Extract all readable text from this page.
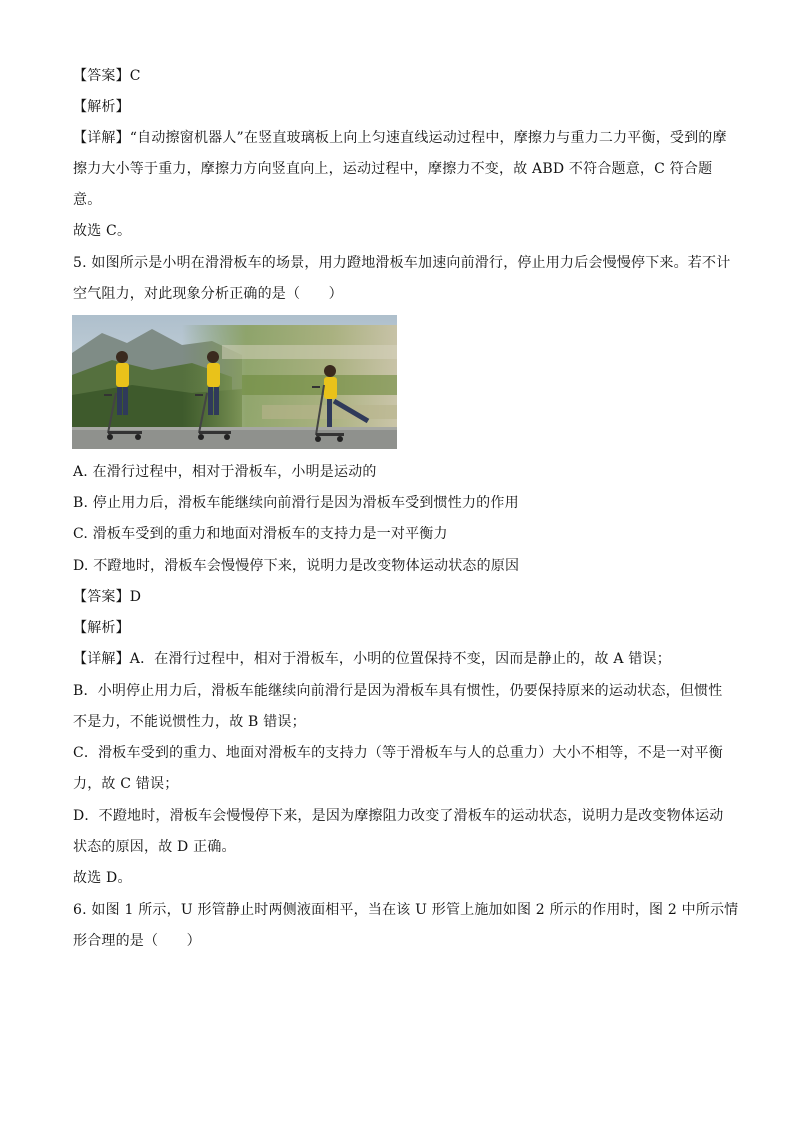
【答案】C
【解析】
【详解】“自动擦窗机器人”在竖直玻璃板上向上匀速直线运动过程中，摩擦力与重力二力平衡，受到的摩
擦力大小等于重力，摩擦力方向竖直向上，运动过程中，摩擦力不变，故 ABD 不符合题意，C 符合题
意。
故选 C。
5. 如图所示是小明在滑滑板车的场景，用力蹬地滑板车加速向前滑行，停止用力后会慢慢停下来。若不计
空气阻力，对此现象分析正确的是（　　）
A. 在滑行过程中，相对于滑板车，小明是运动的
B. 停止用力后，滑板车能继续向前滑行是因为滑板车受到惯性力的作用
C. 滑板车受到的重力和地面对滑板车的支持力是一对平衡力
D. 不蹬地时，滑板车会慢慢停下来，说明力是改变物体运动状态的原因
【答案】D
【解析】
【详解】A．在滑行过程中，相对于滑板车，小明的位置保持不变，因而是静止的，故 A 错误；
B．小明停止用力后，滑板车能继续向前滑行是因为滑板车具有惯性，仍要保持原来的运动状态，但惯性
不是力，不能说惯性力，故 B 错误；
C．滑板车受到的重力、地面对滑板车的支持力（等于滑板车与人的总重力）大小不相等，不是一对平衡
力，故 C 错误；
D．不蹬地时，滑板车会慢慢停下来，是因为摩擦阻力改变了滑板车的运动状态，说明力是改变物体运动
状态的原因，故 D 正确。
故选 D。
6. 如图 1 所示，U 形管静止时两侧液面相平，当在该 U 形管上施加如图 2 所示的作用时，图 2 中所示情
形合理的是（　　）
